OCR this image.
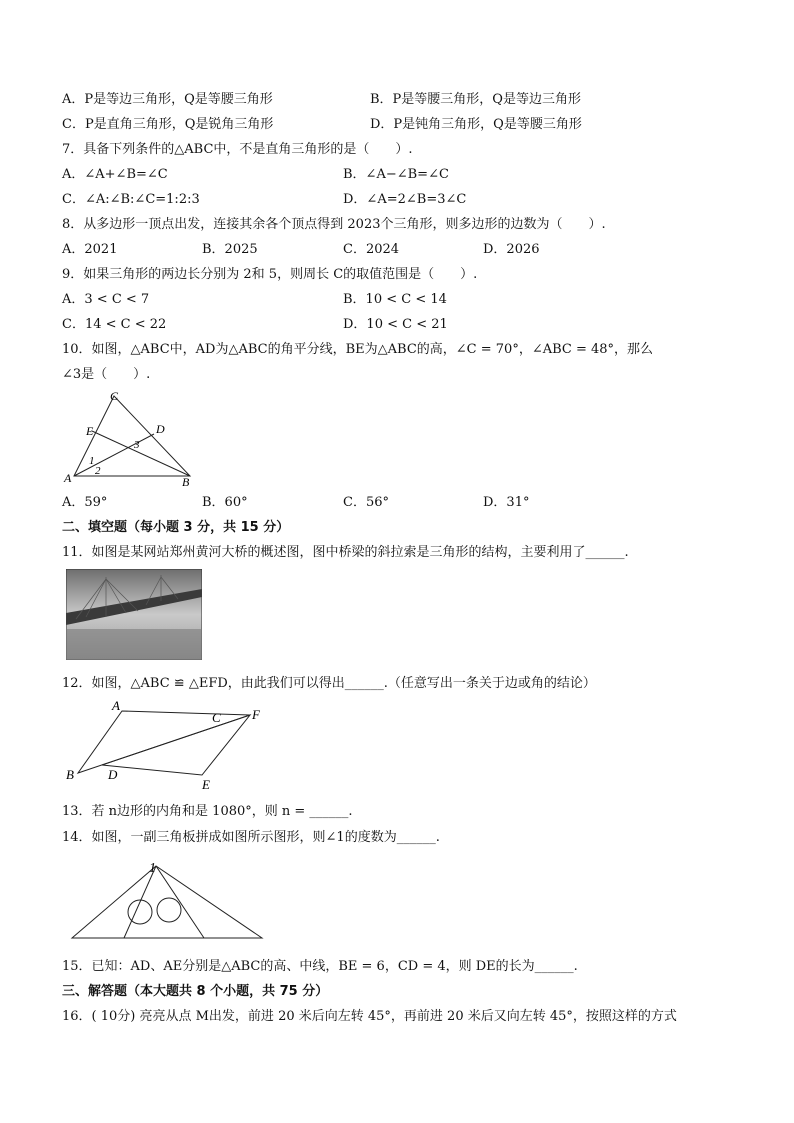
A．P是等边三角形，Q是等腰三角形	B．P是等腰三角形，Q是等边三角形
C．P是直角三角形，Q是锐角三角形	D．P是钝角三角形，Q是等腰三角形
7．具备下列条件的△ABC中，不是直角三角形的是（　　）.
A．∠A+∠B=∠C	B．∠A−∠B=∠C
C．∠A:∠B:∠C=1:2:3	D．∠A=2∠B=3∠C
8．从多边形一顶点出发，连接其余各个顶点得到 2023个三角形，则多边形的边数为（　　）.
A．2021	B．2025	C．2024	D．2026
9．如果三角形的两边长分别为 2和 5，则周长 C的取值范围是（　　）.
A．3 < C < 7	B．10 < C < 14
C．14 < C < 22	D．10 < C < 21
10．如图，△ABC中，AD为△ABC的角平分线，BE为△ABC的高，∠C = 70°，∠ABC = 48°，那么
∠3是（　　）.
C
E	D
A	B
1
2
3
A．59°	B．60°	C．56°	D．31°
二、填空题（每小题 3 分，共 15 分）
11．如图是某网站郑州黄河大桥的概述图，图中桥梁的斜拉索是三角形的结构，主要利用了______.
12．如图，△ABC ≌ △EFD，由此我们可以得出______.（任意写出一条关于边或角的结论）
A
C F
B	D
E
13．若 n边形的内角和是 1080°，则 n = ______.
14．如图，一副三角板拼成如图所示图形，则∠1的度数为______.
1
15．已知：AD、AE分别是△ABC的高、中线，BE = 6，CD = 4，则 DE的长为______.
三、解答题（本大题共 8 个小题，共 75 分）
16．( 10分) 亮亮从点 M出发，前进 20 米后向左转 45°，再前进 20 米后又向左转 45°，按照这样的方式
